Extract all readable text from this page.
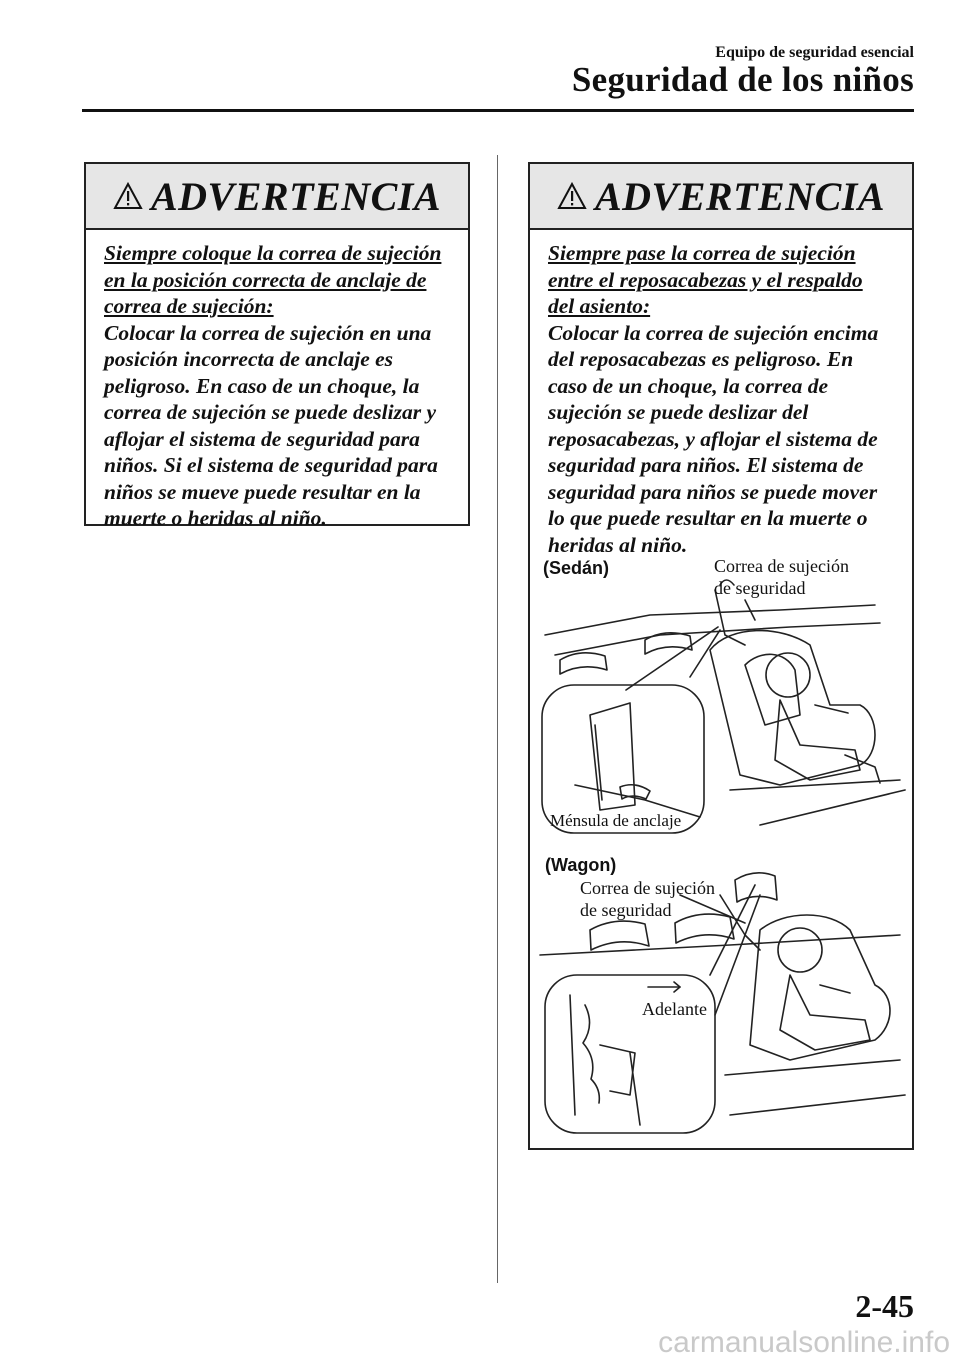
Equipo de seguridad esencial
Seguridad de los niños
ADVERTENCIA
Siempre coloque la correa de sujeción en la posición correcta de anclaje de correa de sujeción:
Colocar la correa de sujeción en una posición incorrecta de anclaje es peligroso. En caso de un choque, la correa de sujeción se puede deslizar y aflojar el sistema de seguridad para niños. Si el sistema de seguridad para niños se mueve puede resultar en la muerte o heridas al niño.
ADVERTENCIA
Siempre pase la correa de sujeción entre el reposacabezas y el respaldo del asiento:
Colocar la correa de sujeción encima del reposacabezas es peligroso. En caso de un choque, la correa de sujeción se puede deslizar del reposacabezas, y aflojar el sistema de seguridad para niños. El sistema de seguridad para niños se puede mover lo que puede resultar en la muerte o heridas al niño.
(Sedán)	Correa de sujeción
de seguridad
Ménsula de anclaje
(Wagon)
Correa de sujeción
de seguridad
Adelante
2-45
carmanualsonline.info
